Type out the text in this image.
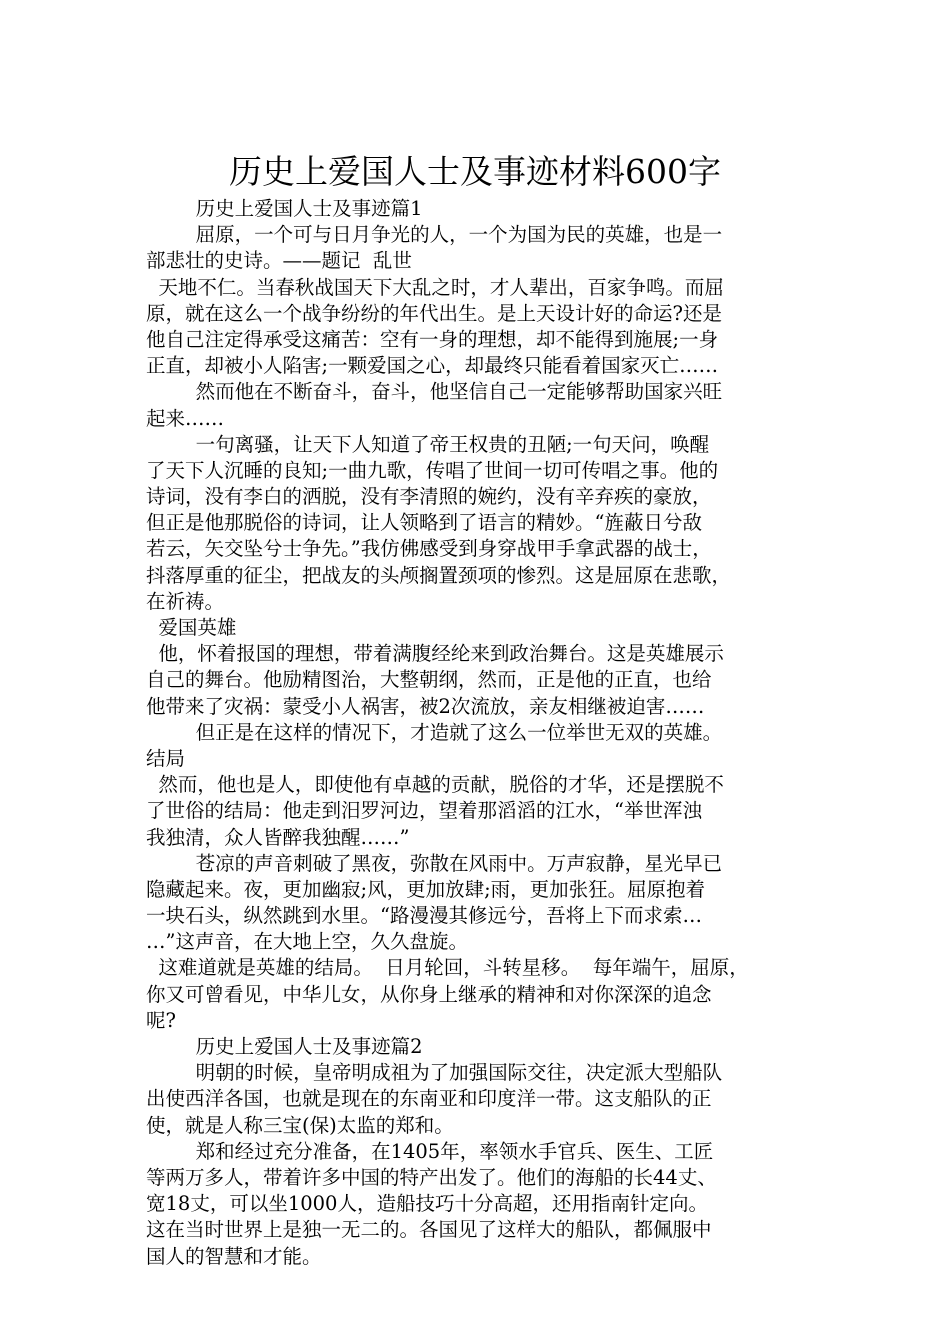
历史上爱国人士及事迹材料600字
历史上爱国人士及事迹篇1
屈原，一个可与日月争光的人，一个为国为民的英雄，也是一
部悲壮的史诗。——题记  乱世
天地不仁。当春秋战国天下大乱之时，才人辈出，百家争鸣。而屈
原，就在这么一个战争纷纷的年代出生。是上天设计好的命运?还是
他自己注定得承受这痛苦：空有一身的理想，却不能得到施展;一身
正直，却被小人陷害;一颗爱国之心，却最终只能看着国家灭亡……
然而他在不断奋斗，奋斗，他坚信自己一定能够帮助国家兴旺
起来……
一句离骚，让天下人知道了帝王权贵的丑陋;一句天问，唤醒
了天下人沉睡的良知;一曲九歌，传唱了世间一切可传唱之事。他的
诗词，没有李白的洒脱，没有李清照的婉约，没有辛弃疾的豪放，
但正是他那脱俗的诗词，让人领略到了语言的精妙。“旌蔽日兮敌
若云，矢交坠兮士争先。”我仿佛感受到身穿战甲手拿武器的战士，
抖落厚重的征尘，把战友的头颅搁置颈项的惨烈。这是屈原在悲歌，
在祈祷。
爱国英雄
他，怀着报国的理想，带着满腹经纶来到政治舞台。这是英雄展示
自己的舞台。他励精图治，大整朝纲，然而，正是他的正直，也给
他带来了灾祸：蒙受小人祸害，被2次流放，亲友相继被迫害……
但正是在这样的情况下，才造就了这么一位举世无双的英雄。
结局
然而，他也是人，即使他有卓越的贡献，脱俗的才华，还是摆脱不
了世俗的结局：他走到汨罗河边，望着那滔滔的江水，“举世浑浊
我独清，众人皆醉我独醒……”
苍凉的声音刺破了黑夜，弥散在风雨中。万声寂静，星光早已
隐藏起来。夜，更加幽寂;风，更加放肆;雨，更加张狂。屈原抱着
一块石头，纵然跳到水里。“路漫漫其修远兮，吾将上下而求索…
…”这声音，在大地上空，久久盘旋。
这难道就是英雄的结局。  日月轮回，斗转星移。  每年端午，屈原，
你又可曾看见，中华儿女，从你身上继承的精神和对你深深的追念
呢?
历史上爱国人士及事迹篇2
明朝的时候，皇帝明成祖为了加强国际交往，决定派大型船队
出使西洋各国，也就是现在的东南亚和印度洋一带。这支船队的正
使，就是人称三宝(保)太监的郑和。
郑和经过充分准备，在1405年，率领水手官兵、医生、工匠
等两万多人，带着许多中国的特产出发了。他们的海船的长44丈、
宽18丈，可以坐1000人，造船技巧十分高超，还用指南针定向。
这在当时世界上是独一无二的。各国见了这样大的船队，都佩服中
国人的智慧和才能。
